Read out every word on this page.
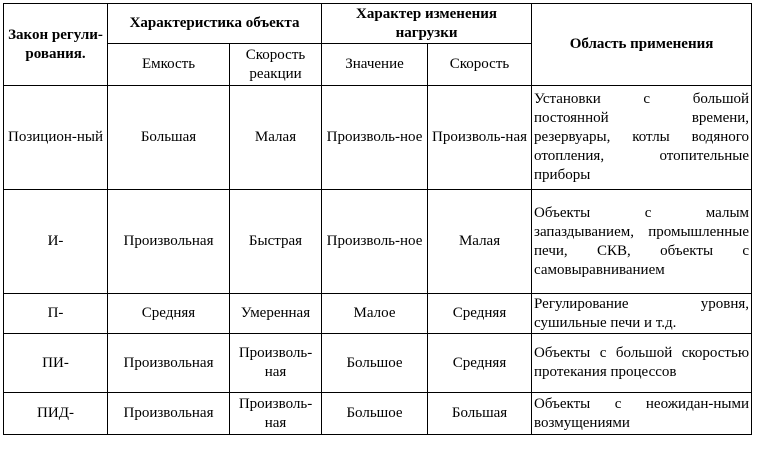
Закон регули-рования.	Характеристика объекта		Характер изменения нагрузки		Область применения
	Емкость	Скорость реакции	Значение	Скорость	
Позицион-ный	Большая	Малая	Произволь-ное	Произволь-ная	Установки с большой постоянной времени, резервуары, котлы водяного отопления, отопительные приборы
И-	Произвольная	Быстрая	Произволь-ное	Малая	Объекты с малым запаздыванием, промышленные печи, СКВ, объекты с самовыравниванием
П-	Средняя	Умеренная	Малое	Средняя	Регулирование уровня, сушильные печи и т.д.
ПИ-	Произвольная	Произволь-ная	Большое	Средняя	Объекты с большой скоростью протекания процессов
ПИД-	Произвольная	Произволь-ная	Большое	Большая	Объекты с неожидан-ными возмущениями
